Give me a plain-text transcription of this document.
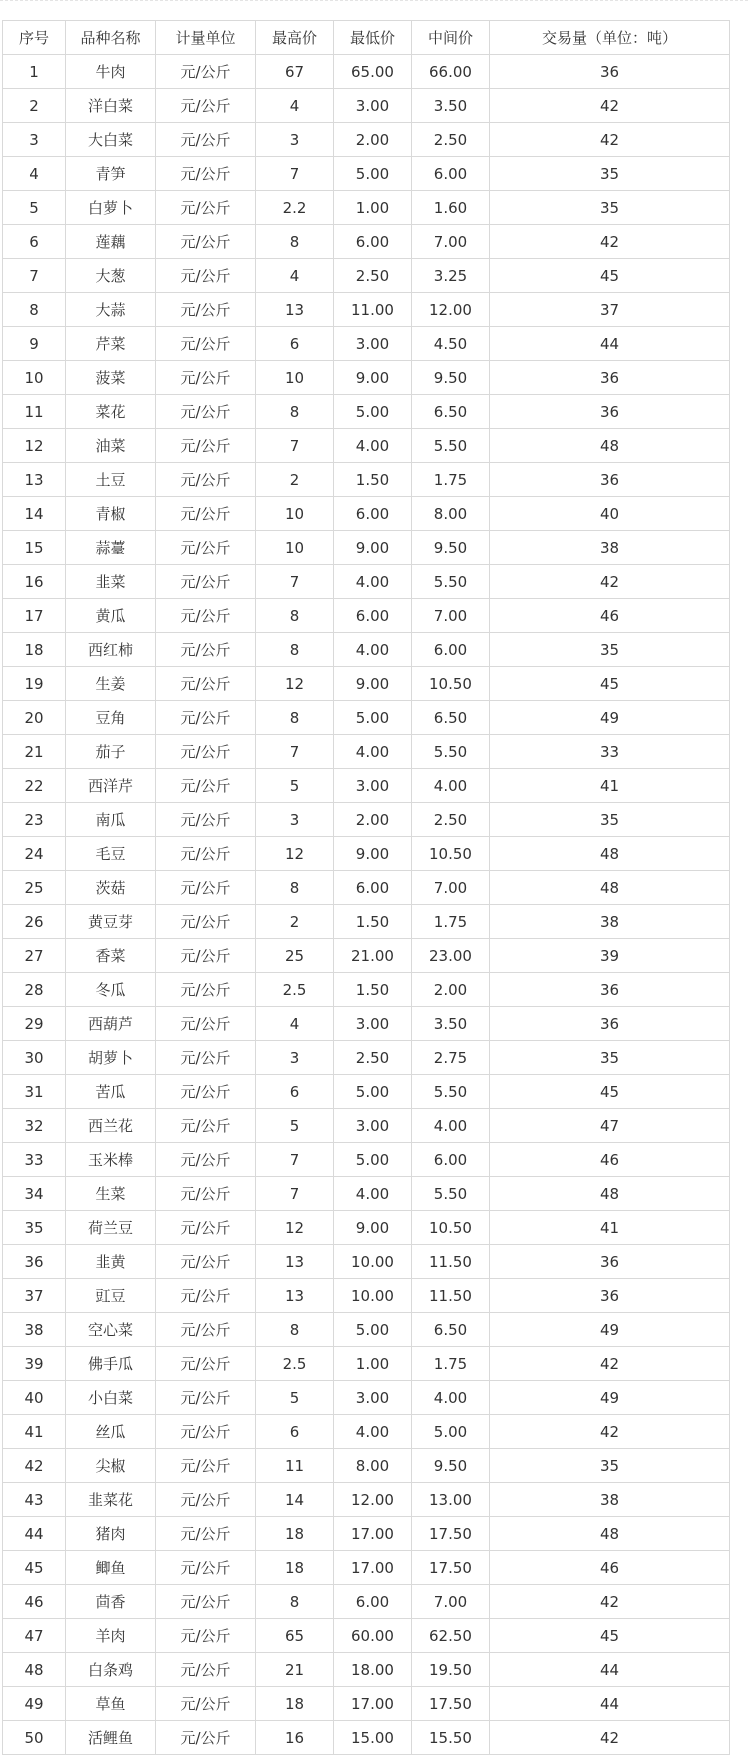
序号	品种名称	计量单位	最高价	最低价	中间价	交易量（单位：吨）
1	牛肉	元/公斤	67	65.00	66.00	36
2	洋白菜	元/公斤	4	3.00	3.50	42
3	大白菜	元/公斤	3	2.00	2.50	42
4	青笋	元/公斤	7	5.00	6.00	35
5	白萝卜	元/公斤	2.2	1.00	1.60	35
6	莲藕	元/公斤	8	6.00	7.00	42
7	大葱	元/公斤	4	2.50	3.25	45
8	大蒜	元/公斤	13	11.00	12.00	37
9	芹菜	元/公斤	6	3.00	4.50	44
10	菠菜	元/公斤	10	9.00	9.50	36
11	菜花	元/公斤	8	5.00	6.50	36
12	油菜	元/公斤	7	4.00	5.50	48
13	土豆	元/公斤	2	1.50	1.75	36
14	青椒	元/公斤	10	6.00	8.00	40
15	蒜薹	元/公斤	10	9.00	9.50	38
16	韭菜	元/公斤	7	4.00	5.50	42
17	黄瓜	元/公斤	8	6.00	7.00	46
18	西红柿	元/公斤	8	4.00	6.00	35
19	生姜	元/公斤	12	9.00	10.50	45
20	豆角	元/公斤	8	5.00	6.50	49
21	茄子	元/公斤	7	4.00	5.50	33
22	西洋芹	元/公斤	5	3.00	4.00	41
23	南瓜	元/公斤	3	2.00	2.50	35
24	毛豆	元/公斤	12	9.00	10.50	48
25	茨菇	元/公斤	8	6.00	7.00	48
26	黄豆芽	元/公斤	2	1.50	1.75	38
27	香菜	元/公斤	25	21.00	23.00	39
28	冬瓜	元/公斤	2.5	1.50	2.00	36
29	西葫芦	元/公斤	4	3.00	3.50	36
30	胡萝卜	元/公斤	3	2.50	2.75	35
31	苦瓜	元/公斤	6	5.00	5.50	45
32	西兰花	元/公斤	5	3.00	4.00	47
33	玉米棒	元/公斤	7	5.00	6.00	46
34	生菜	元/公斤	7	4.00	5.50	48
35	荷兰豆	元/公斤	12	9.00	10.50	41
36	韭黄	元/公斤	13	10.00	11.50	36
37	豇豆	元/公斤	13	10.00	11.50	36
38	空心菜	元/公斤	8	5.00	6.50	49
39	佛手瓜	元/公斤	2.5	1.00	1.75	42
40	小白菜	元/公斤	5	3.00	4.00	49
41	丝瓜	元/公斤	6	4.00	5.00	42
42	尖椒	元/公斤	11	8.00	9.50	35
43	韭菜花	元/公斤	14	12.00	13.00	38
44	猪肉	元/公斤	18	17.00	17.50	48
45	鲫鱼	元/公斤	18	17.00	17.50	46
46	茴香	元/公斤	8	6.00	7.00	42
47	羊肉	元/公斤	65	60.00	62.50	45
48	白条鸡	元/公斤	21	18.00	19.50	44
49	草鱼	元/公斤	18	17.00	17.50	44
50	活鲤鱼	元/公斤	16	15.00	15.50	42
